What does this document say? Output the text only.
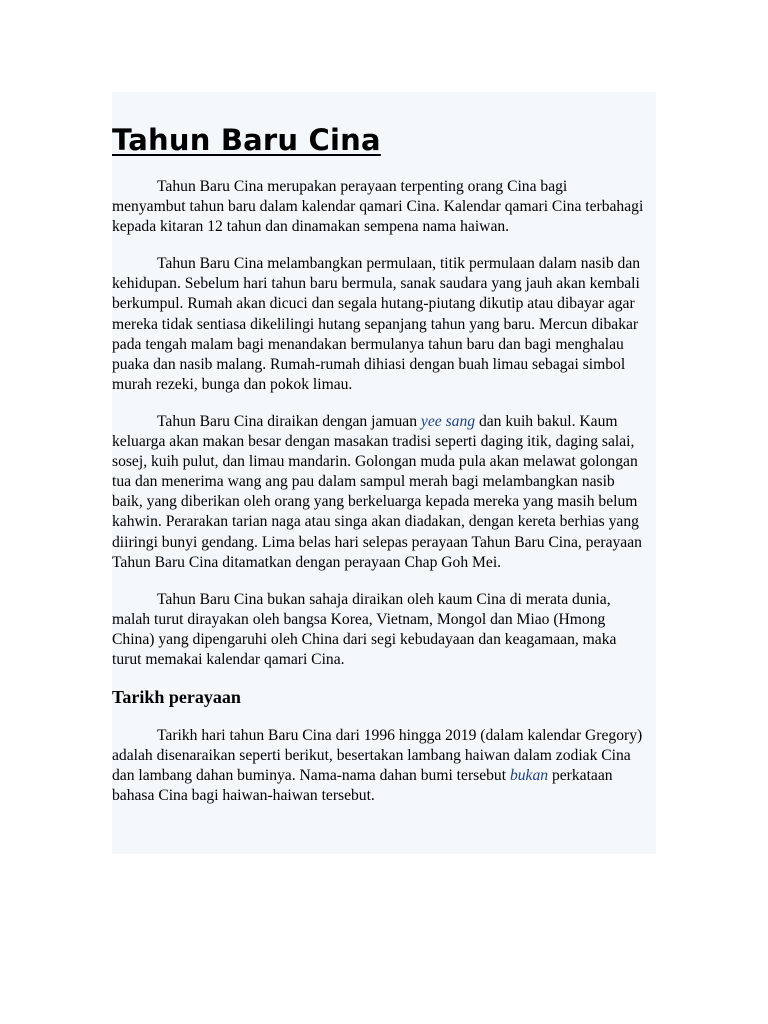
Tahun Baru Cina

Tahun Baru Cina merupakan perayaan terpenting orang Cina bagi menyambut tahun baru dalam kalendar qamari Cina. Kalendar qamari Cina terbahagi kepada kitaran 12 tahun dan dinamakan sempena nama haiwan.

Tahun Baru Cina melambangkan permulaan, titik permulaan dalam nasib dan kehidupan. Sebelum hari tahun baru bermula, sanak saudara yang jauh akan kembali berkumpul. Rumah akan dicuci dan segala hutang-piutang dikutip atau dibayar agar mereka tidak sentiasa dikelilingi hutang sepanjang tahun yang baru. Mercun dibakar pada tengah malam bagi menandakan bermulanya tahun baru dan bagi menghalau puaka dan nasib malang. Rumah-rumah dihiasi dengan buah limau sebagai simbol murah rezeki, bunga dan pokok limau.

Tahun Baru Cina diraikan dengan jamuan yee sang dan kuih bakul. Kaum keluarga akan makan besar dengan masakan tradisi seperti daging itik, daging salai, sosej, kuih pulut, dan limau mandarin. Golongan muda pula akan melawat golongan tua dan menerima wang ang pau dalam sampul merah bagi melambangkan nasib baik, yang diberikan oleh orang yang berkeluarga kepada mereka yang masih belum kahwin. Perarakan tarian naga atau singa akan diadakan, dengan kereta berhias yang diiringi bunyi gendang. Lima belas hari selepas perayaan Tahun Baru Cina, perayaan Tahun Baru Cina ditamatkan dengan perayaan Chap Goh Mei.

Tahun Baru Cina bukan sahaja diraikan oleh kaum Cina di merata dunia, malah turut dirayakan oleh bangsa Korea, Vietnam, Mongol dan Miao (Hmong China) yang dipengaruhi oleh China dari segi kebudayaan dan keagamaan, maka turut memakai kalendar qamari Cina.

Tarikh perayaan

Tarikh hari tahun Baru Cina dari 1996 hingga 2019 (dalam kalendar Gregory) adalah disenaraikan seperti berikut, besertakan lambang haiwan dalam zodiak Cina dan lambang dahan buminya. Nama-nama dahan bumi tersebut bukan perkataan bahasa Cina bagi haiwan-haiwan tersebut.
